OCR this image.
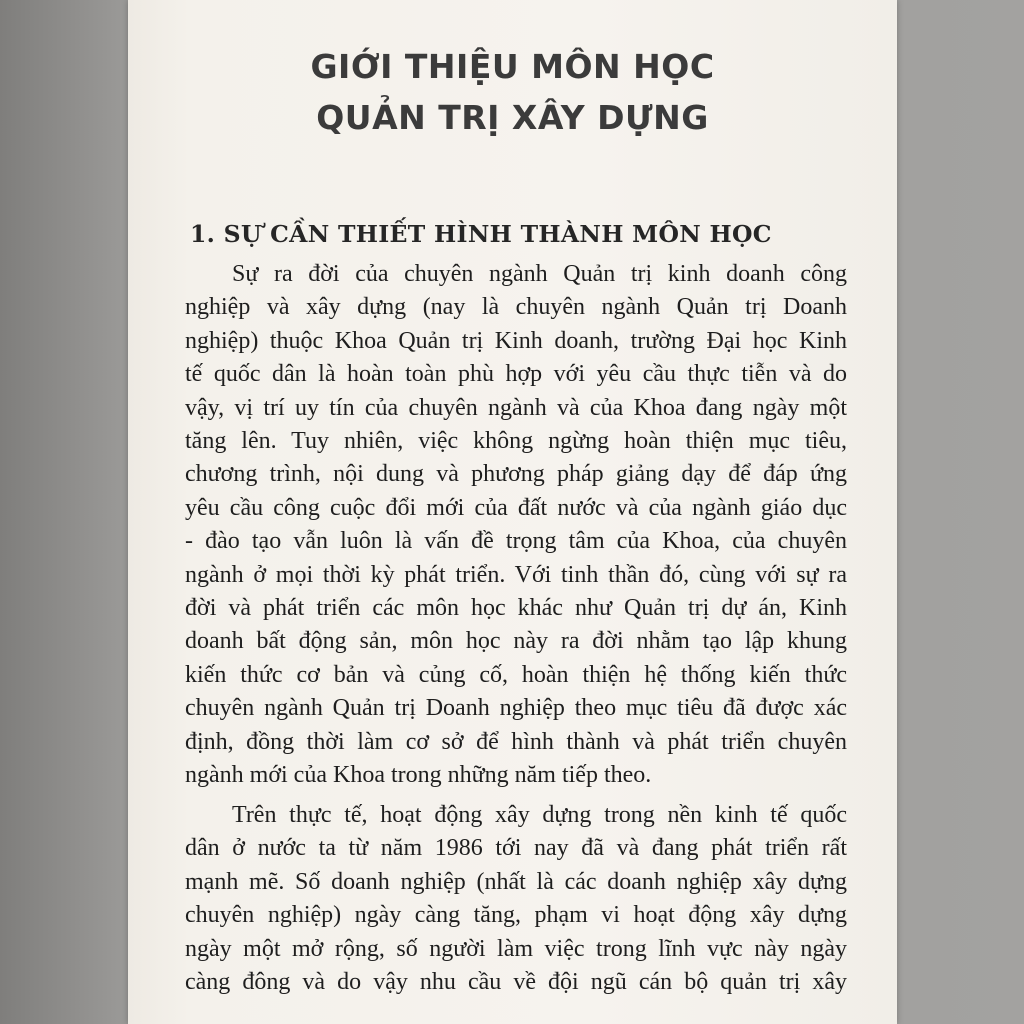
GIỚI THIỆU MÔN HỌC
QUẢN TRỊ XÂY DỰNG
1. SỰ CẦN THIẾT HÌNH THÀNH MÔN HỌC
Sự ra đời của chuyên ngành Quản trị kinh doanh công
nghiệp và xây dựng (nay là chuyên ngành Quản trị Doanh
nghiệp) thuộc Khoa Quản trị Kinh doanh, trường Đại học Kinh
tế quốc dân là hoàn toàn phù hợp với yêu cầu thực tiễn và do
vậy, vị trí uy tín của chuyên ngành và của Khoa đang ngày một
tăng lên. Tuy nhiên, việc không ngừng hoàn thiện mục tiêu,
chương trình, nội dung và phương pháp giảng dạy để đáp ứng
yêu cầu công cuộc đổi mới của đất nước và của ngành giáo dục
- đào tạo vẫn luôn là vấn đề trọng tâm của Khoa, của chuyên
ngành ở mọi thời kỳ phát triển. Với tinh thần đó, cùng với sự ra
đời và phát triển các môn học khác như Quản trị dự án, Kinh
doanh bất động sản, môn học này ra đời nhằm tạo lập khung
kiến thức cơ bản và củng cố, hoàn thiện hệ thống kiến thức
chuyên ngành Quản trị Doanh nghiệp theo mục tiêu đã được xác
định, đồng thời làm cơ sở để hình thành và phát triển chuyên
ngành mới của Khoa trong những năm tiếp theo.
Trên thực tế, hoạt động xây dựng trong nền kinh tế quốc
dân ở nước ta từ năm 1986 tới nay đã và đang phát triển rất
mạnh mẽ. Số doanh nghiệp (nhất là các doanh nghiệp xây dựng
chuyên nghiệp) ngày càng tăng, phạm vi hoạt động xây dựng
ngày một mở rộng, số người làm việc trong lĩnh vực này ngày
càng đông và do vậy nhu cầu về đội ngũ cán bộ quản trị xây
